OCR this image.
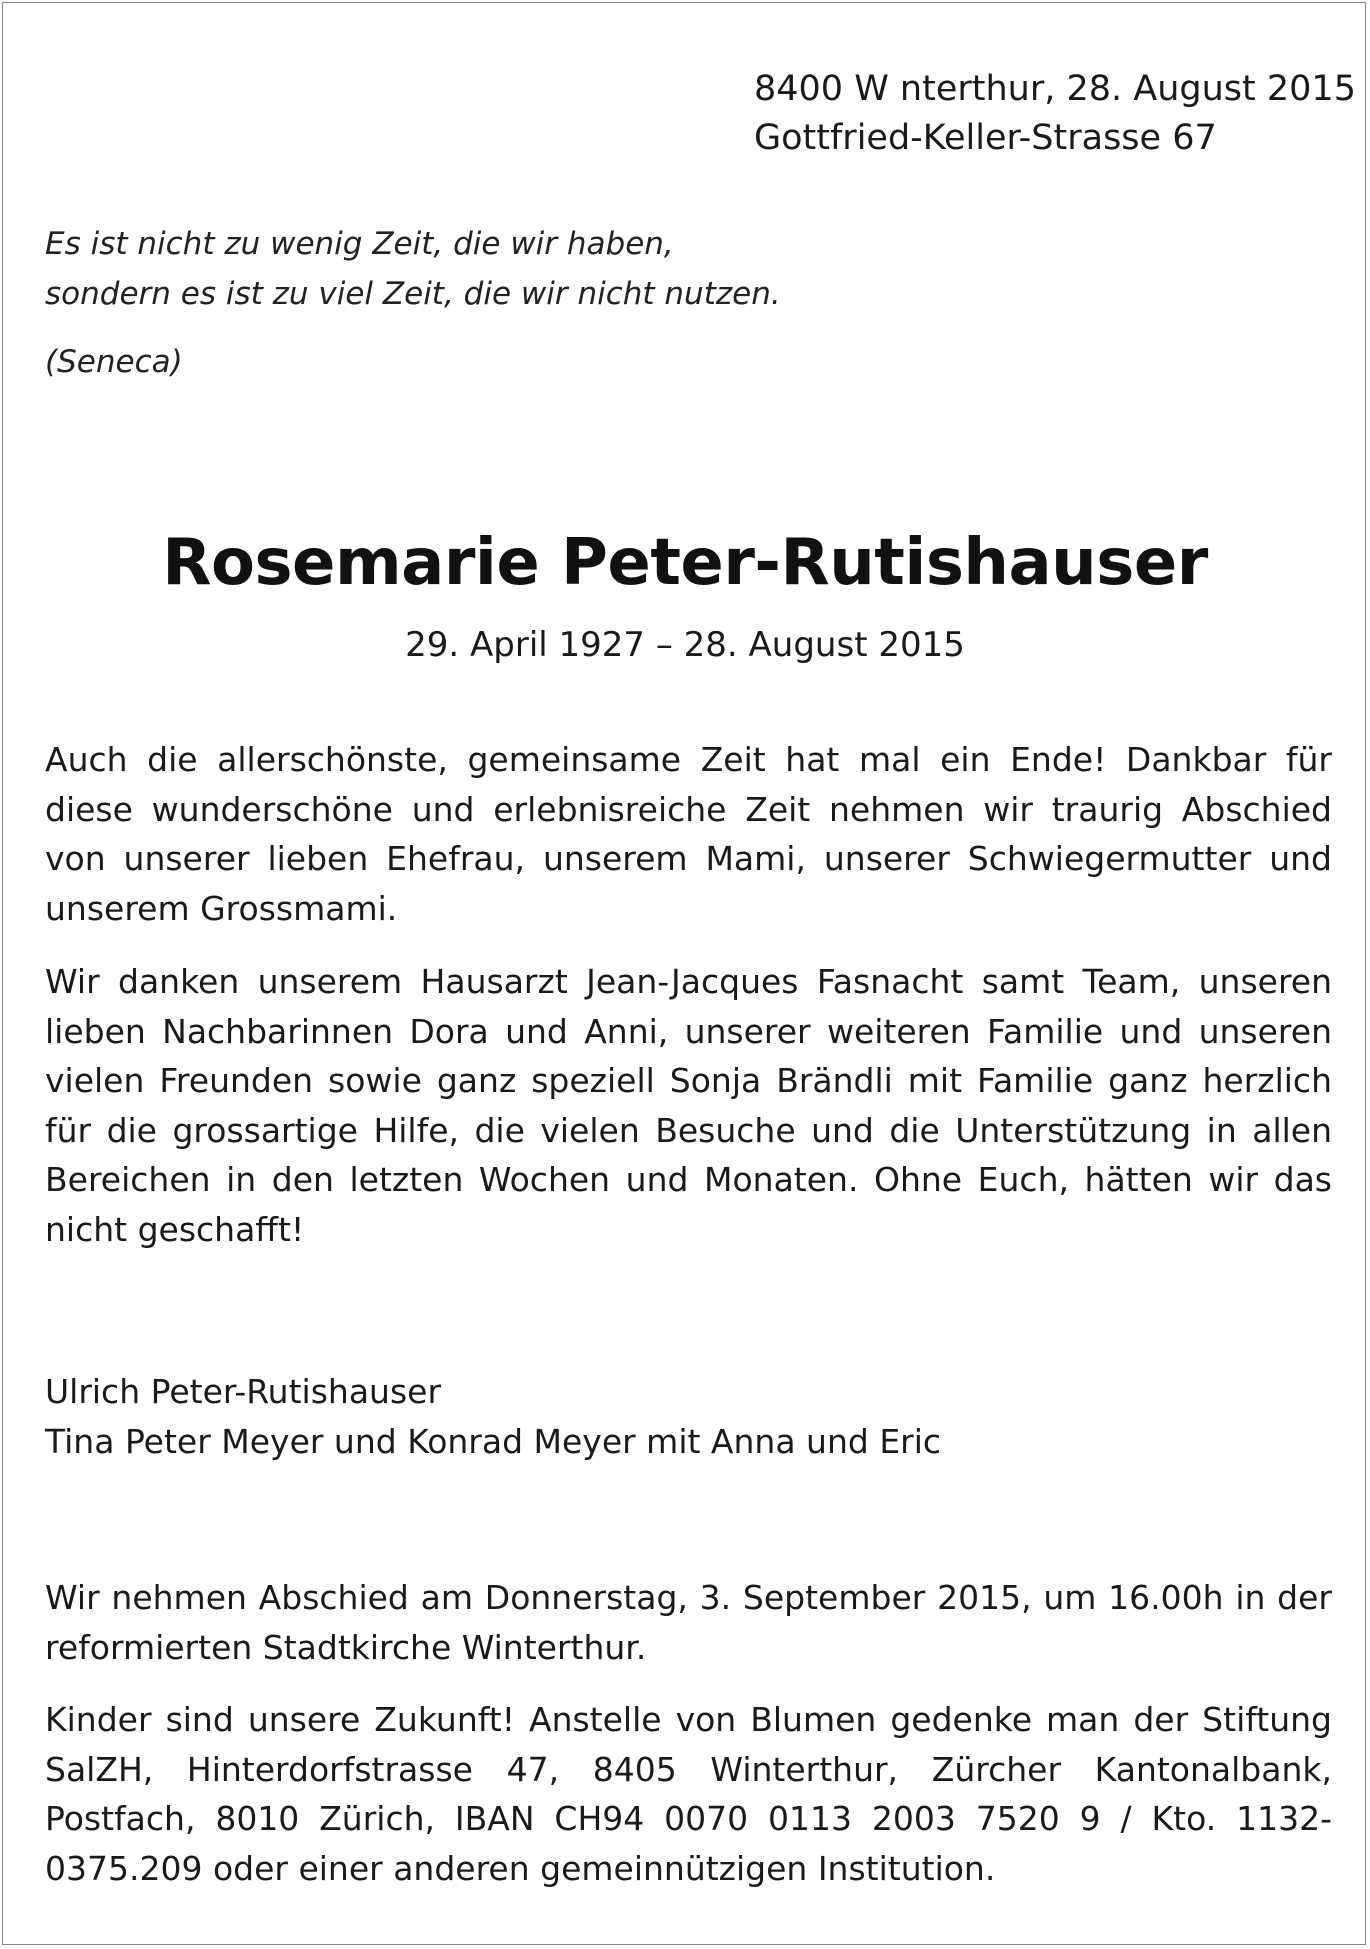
8400 W nterthur, 28. August 2015
Gottfried-Keller-Strasse 67
Es ist nicht zu wenig Zeit, die wir haben,
sondern es ist zu viel Zeit, die wir nicht nutzen.
(Seneca)
Rosemarie Peter-Rutishauser
29. April 1927 – 28. August 2015

Auch die allerschönste, gemeinsame Zeit hat mal ein Ende! Dankbar für diese wunderschöne und erlebnisreiche Zeit nehmen wir traurig Abschied von unserer lieben Ehefrau, unserem Mami, unserer Schwiegermutter und unserem Grossmami.

Wir danken unserem Hausarzt Jean-Jacques Fasnacht samt Team, unseren lieben Nachbarinnen Dora und Anni, unserer weiteren Familie und unseren vielen Freunden sowie ganz speziell Sonja Brändli mit Familie ganz herzlich für die grossartige Hilfe, die vielen Besuche und die Unterstützung in allen Bereichen in den letzten Wochen und Monaten. Ohne Euch, hätten wir das nicht geschafft!

Ulrich Peter-Rutishauser
Tina Peter Meyer und Konrad Meyer mit Anna und Eric

Wir nehmen Abschied am Donnerstag, 3. September 2015, um 16.00h in der reformierten Stadtkirche Winterthur.

Kinder sind unsere Zukunft! Anstelle von Blumen gedenke man der Stiftung SalZH, Hinterdorfstrasse 47, 8405 Winterthur, Zürcher Kantonalbank, Postfach, 8010 Zürich, IBAN CH94 0070 0113 2003 7520 9 / Kto. 1132-0375.209 oder einer anderen gemeinnützigen Institution.
